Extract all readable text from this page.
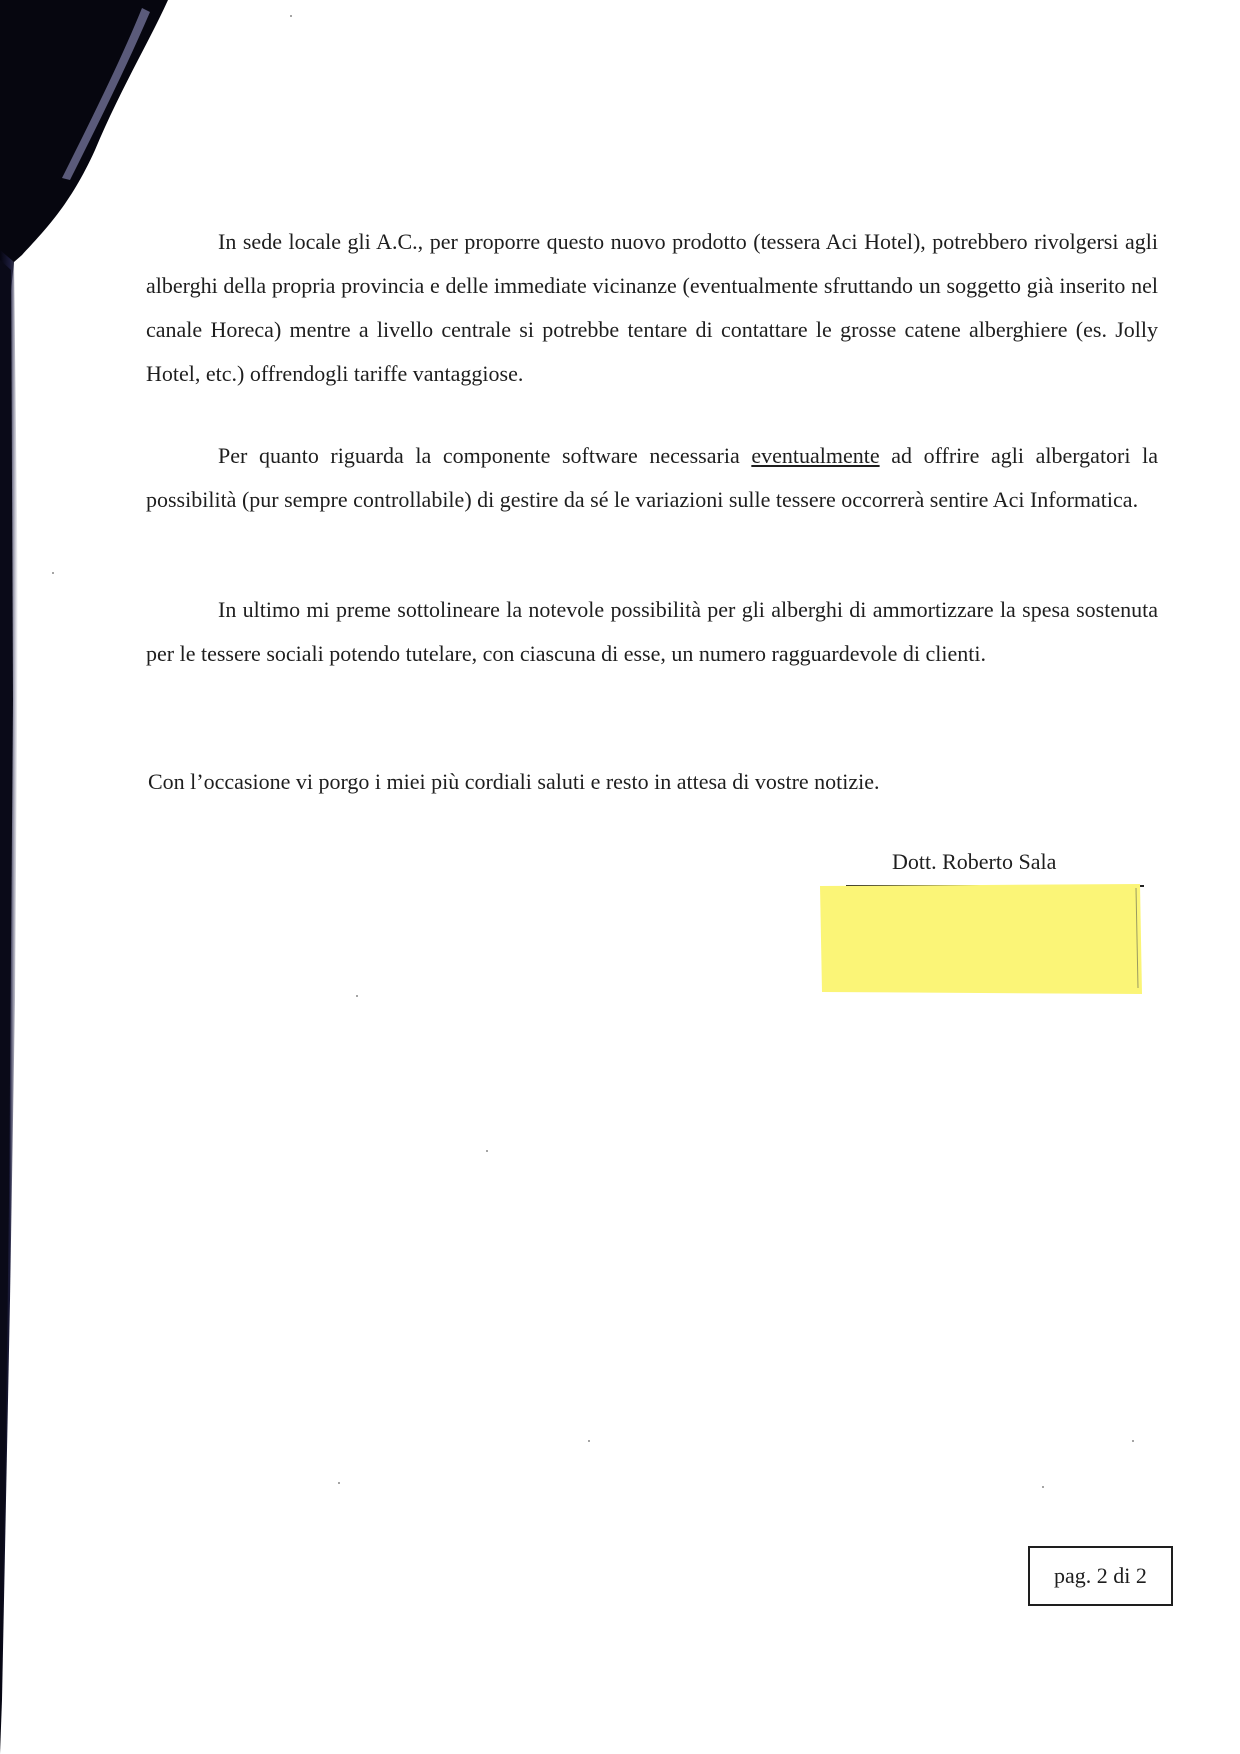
In sede locale gli A.C., per proporre questo nuovo prodotto (tessera Aci Hotel), potrebbero rivolgersi agli alberghi della propria provincia e delle immediate vicinanze (eventualmente sfruttando un soggetto già inserito nel canale Horeca) mentre a livello centrale si potrebbe tentare di contattare le grosse catene alberghiere (es. Jolly Hotel, etc.) offrendogli tariffe vantaggiose.

Per quanto riguarda la componente software necessaria eventualmente ad offrire agli albergatori la possibilità (pur sempre controllabile) di gestire da sé le variazioni sulle tessere occorrerà sentire Aci Informatica.

In ultimo mi preme sottolineare la notevole possibilità per gli alberghi di ammortizzare la spesa sostenuta per le tessere sociali potendo tutelare, con ciascuna di esse, un numero ragguardevole di clienti.

Con l’occasione vi porgo i miei più cordiali saluti e resto in attesa di vostre notizie.

Dott. Roberto Sala
pag. 2 di 2
